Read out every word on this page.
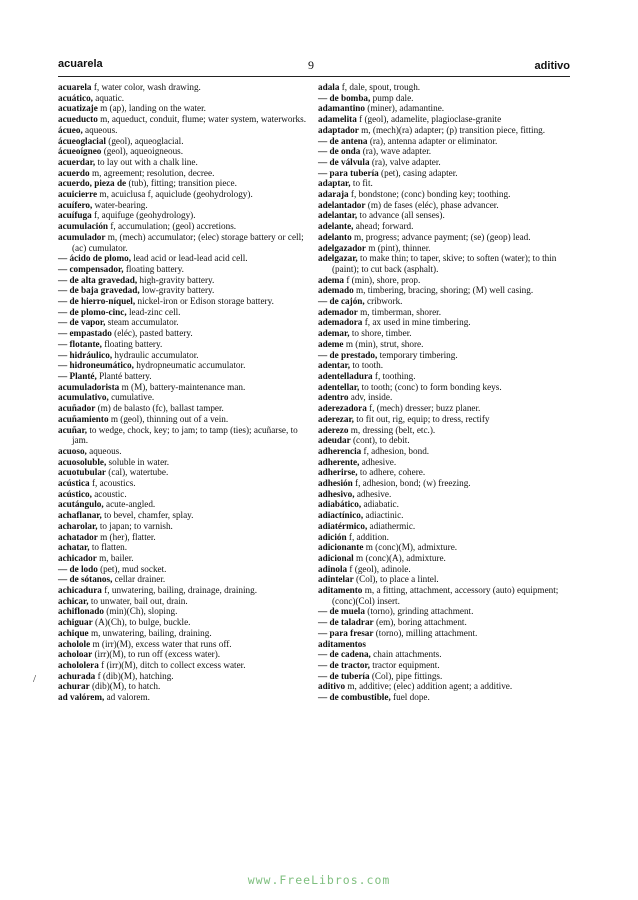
acuarela	9	aditivo
acuarela f, water color, wash drawing.
acuático, aquatic.
acuatizaje m (ap), landing on the water.
acueducto m, aqueduct, conduit, flume; water system, waterworks.
ácueo, aqueous.
ácueoglacial (geol), aqueoglacial.
ácueoígneo (geol), aqueoigneous.
acuerdar, to lay out with a chalk line.
acuerdo m, agreement; resolution, decree.
acuerdo, pieza de (tub), fitting; transition piece.
acuicierre m, acuiclusa f, aquiclude (geohydrology).
acuífero, water-bearing.
acuífuga f, aquifuge (geohydrology).
acumulación f, accumulation; (geol) accretions.
acumulador m, (mech) accumulator; (elec) storage battery or cell; (ac) cumulator.
— ácido de plomo, lead acid or lead-lead acid cell.
— compensador, floating battery.
— de alta gravedad, high-gravity battery.
— de baja gravedad, low-gravity battery.
— de hierro-níquel, nickel-iron or Edison storage battery.
— de plomo-cinc, lead-zinc cell.
— de vapor, steam accumulator.
— empastado (eléc), pasted battery.
— flotante, floating battery.
— hidráulico, hydraulic accumulator.
— hidroneumático, hydropneumatic accumulator.
— Planté, Planté battery.
acumuladorista m (M), battery-maintenance man.
acumulativo, cumulative.
acuñador (m) de balasto (fc), ballast tamper.
acuñamiento m (geol), thinning out of a vein.
acuñar, to wedge, chock, key; to jam; to tamp (ties); acuñarse, to jam.
acuoso, aqueous.
acuosoluble, soluble in water.
acuotubular (cal), watertube.
acústica f, acoustics.
acústico, acoustic.
acutángulo, acute-angled.
achaflanar, to bevel, chamfer, splay.
acharolar, to japan; to varnish.
achatador m (her), flatter.
achatar, to flatten.
achicador m, bailer.
— de lodo (pet), mud socket.
— de sótanos, cellar drainer.
achicadura f, unwatering, bailing, drainage, draining.
achicar, to unwater, bail out, drain.
achiflonado (min)(Ch), sloping.
achiguar (A)(Ch), to bulge, buckle.
achique m, unwatering, bailing, draining.
acholole m (irr)(M), excess water that runs off.
acholoar (irr)(M), to run off (excess water).
achololera f (irr)(M), ditch to collect excess water.
achurada f (dib)(M), hatching.
achurar (dib)(M), to hatch.
ad valórem, ad valorem.
adala f, dale, spout, trough.
— de bomba, pump dale.
adamantino (miner), adamantine.
adamelita f (geol), adamelite, plagioclase-granite
adaptador m, (mech)(ra) adapter; (p) transition piece, fitting.
— de antena (ra), antenna adapter or eliminator.
— de onda (ra), wave adapter.
— de válvula (ra), valve adapter.
— para tubería (pet), casing adapter.
adaptar, to fit.
adaraja f, bondstone; (conc) bonding key; toothing.
adelantador (m) de fases (eléc), phase advancer.
adelantar, to advance (all senses).
adelante, ahead; forward.
adelanto m, progress; advance payment; (se) (geop) lead.
adelgazador m (pint), thinner.
adelgazar, to make thin; to taper, skive; to soften (water); to thin (paint); to cut back (asphalt).
adema f (min), shore, prop.
ademado m, timbering, bracing, shoring; (M) well casing.
— de cajón, cribwork.
ademador m, timberman, shorer.
ademadora f, ax used in mine timbering.
ademar, to shore, timber.
ademe m (min), strut, shore.
— de prestado, temporary timbering.
adentar, to tooth.
adentelladura f, toothing.
adentellar, to tooth; (conc) to form bonding keys.
adentro adv, inside.
aderezadora f, (mech) dresser; buzz planer.
aderezar, to fit out, rig, equip; to dress, rectify
aderezo m, dressing (belt, etc.).
adeudar (cont), to debit.
adherencia f, adhesion, bond.
adherente, adhesive.
adherirse, to adhere, cohere.
adhesión f, adhesion, bond; (w) freezing.
adhesivo, adhesive.
adiabático, adiabatic.
adiactínico, adiactinic.
adiatérmico, adiathermic.
adición f, addition.
adicionante m (conc)(M), admixture.
adicional m (conc)(A), admixture.
adinola f (geol), adinole.
adintelar (Col), to place a lintel.
aditamento m, a fitting, attachment, accessory (auto) equipment; (conc)(Col) insert.
— de muela (torno), grinding attachment.
— de taladrar (em), boring attachment.
— para fresar (torno), milling attachment.
aditamentos
— de cadena, chain attachments.
— de tractor, tractor equipment.
— de tubería (Col), pipe fittings.
aditivo m, additive; (elec) addition agent; a additive.
— de combustible, fuel dope.
/
www.FreeLibros.com
